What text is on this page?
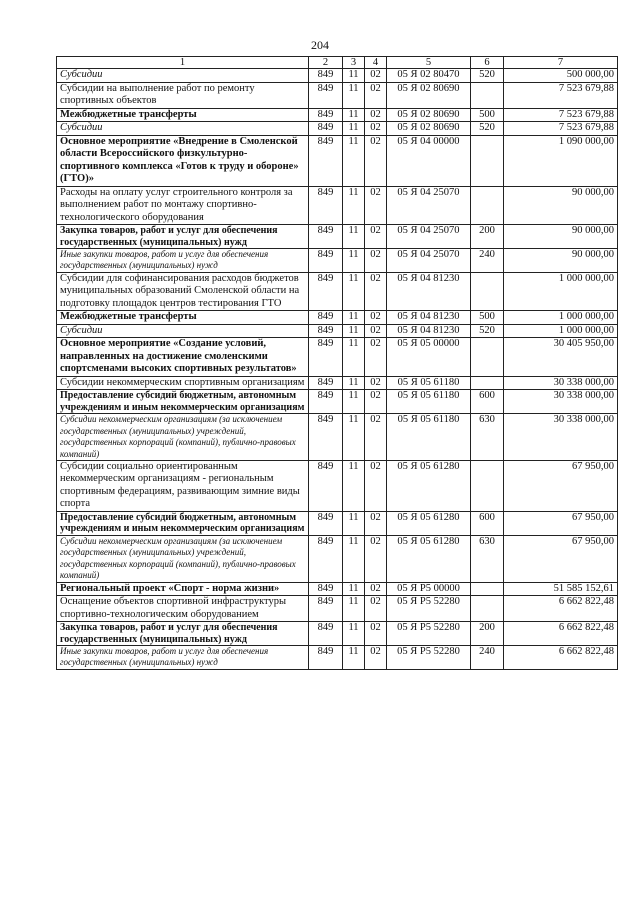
204
1	2	3	4	5	6	7
Субсидии	849	11	02	05 Я 02 80470	520	500 000,00
Субсидии на выполнение работ по ремонту спортивных объектов	849	11	02	05 Я 02 80690		7 523 679,88
Межбюджетные трансферты	849	11	02	05 Я 02 80690	500	7 523 679,88
Субсидии	849	11	02	05 Я 02 80690	520	7 523 679,88
Основное мероприятие «Внедрение в Смоленской области Всероссийского физкультурно-спортивного комплекса «Готов к труду и обороне» (ГТО)»	849	11	02	05 Я 04 00000		1 090 000,00
Расходы на оплату услуг строительного контроля за выполнением работ по монтажу спортивно-технологического оборудования	849	11	02	05 Я 04 25070		90 000,00
Закупка товаров, работ и услуг для обеспечения государственных (муниципальных) нужд	849	11	02	05 Я 04 25070	200	90 000,00
Иные закупки товаров, работ и услуг для обеспечения государственных (муниципальных) нужд	849	11	02	05 Я 04 25070	240	90 000,00
Субсидии для софинансирования расходов бюджетов муниципальных образований Смоленской области на подготовку площадок центров тестирования ГТО	849	11	02	05 Я 04 81230		1 000 000,00
Межбюджетные трансферты	849	11	02	05 Я 04 81230	500	1 000 000,00
Субсидии	849	11	02	05 Я 04 81230	520	1 000 000,00
Основное мероприятие «Создание условий, направленных на достижение смоленскими спортсменами высоких спортивных результатов»	849	11	02	05 Я 05 00000		30 405 950,00
Субсидии некоммерческим спортивным организациям	849	11	02	05 Я 05 61180		30 338 000,00
Предоставление субсидий бюджетным, автономным учреждениям и иным некоммерческим организациям	849	11	02	05 Я 05 61180	600	30 338 000,00
Субсидии некоммерческим организациям (за исключением государственных (муниципальных) учреждений, государственных корпораций (компаний), публично-правовых компаний)	849	11	02	05 Я 05 61180	630	30 338 000,00
Субсидии социально ориентированным некоммерческим организациям - региональным спортивным федерациям, развивающим зимние виды спорта	849	11	02	05 Я 05 61280		67 950,00
Предоставление субсидий бюджетным, автономным учреждениям и иным некоммерческим организациям	849	11	02	05 Я 05 61280	600	67 950,00
Субсидии некоммерческим организациям (за исключением государственных (муниципальных) учреждений, государственных корпораций (компаний), публично-правовых компаний)	849	11	02	05 Я 05 61280	630	67 950,00
Региональный проект «Спорт - норма жизни»	849	11	02	05 Я P5 00000		51 585 152,61
Оснащение объектов спортивной инфраструктуры спортивно-технологическим оборудованием	849	11	02	05 Я P5 52280		6 662 822,48
Закупка товаров, работ и услуг для обеспечения государственных (муниципальных) нужд	849	11	02	05 Я P5 52280	200	6 662 822,48
Иные закупки товаров, работ и услуг для обеспечения государственных (муниципальных) нужд	849	11	02	05 Я P5 52280	240	6 662 822,48
